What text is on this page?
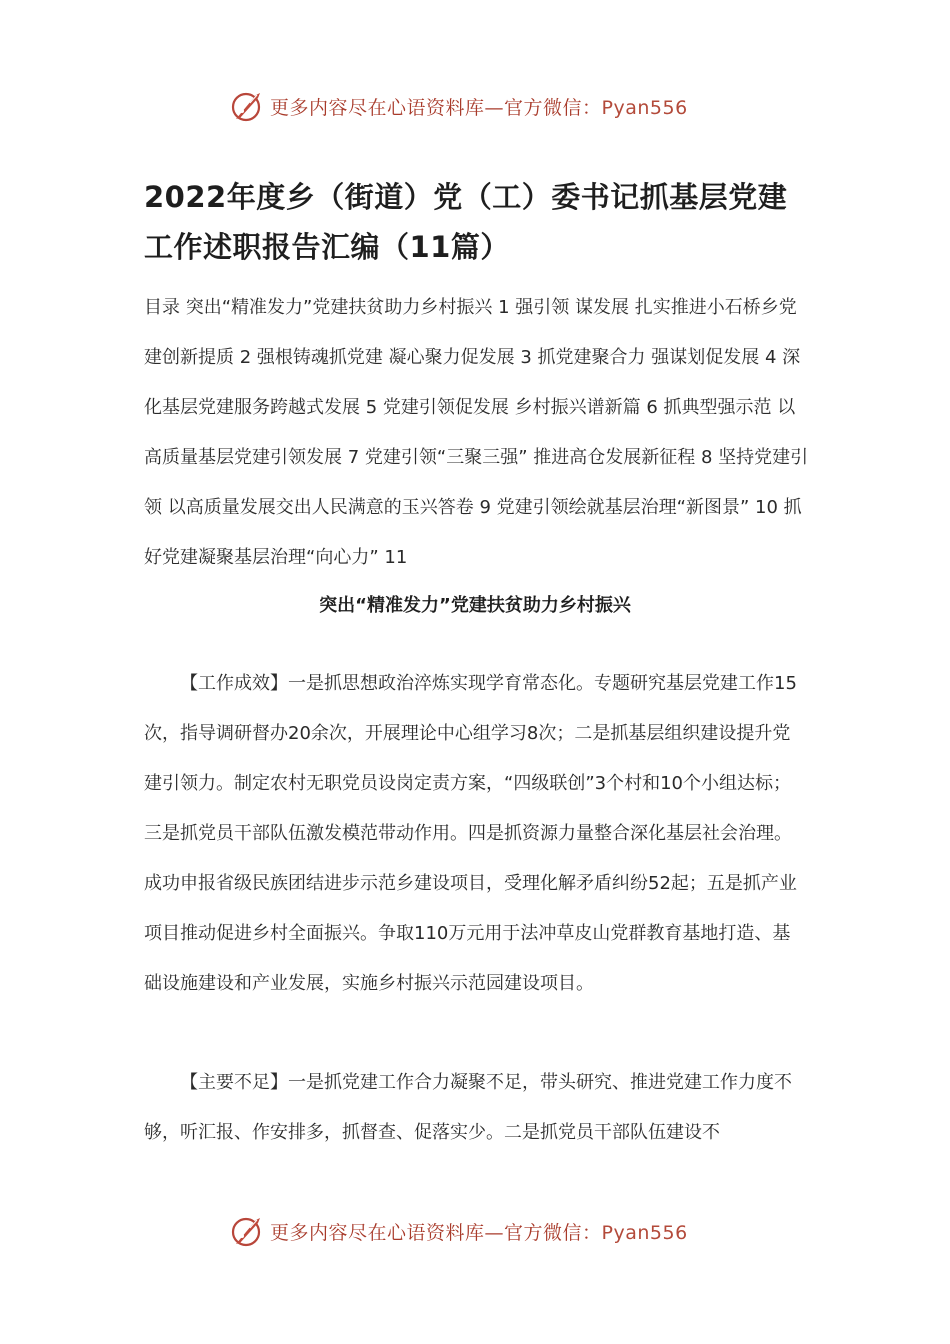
更多内容尽在心语资料库—官方微信：Pyan556
2022年度乡（街道）党（工）委书记抓基层党建工作述职报告汇编（11篇）
目录 突出“精准发力”党建扶贫助力乡村振兴 1 强引领 谋发展 扎实推进小石桥乡党建创新提质 2 强根铸魂抓党建 凝心聚力促发展 3 抓党建聚合力 强谋划促发展 4 深化基层党建服务跨越式发展 5 党建引领促发展 乡村振兴谱新篇 6 抓典型强示范 以高质量基层党建引领发展 7 党建引领“三聚三强” 推进高仓发展新征程 8 坚持党建引领 以高质量发展交出人民满意的玉兴答卷 9 党建引领绘就基层治理“新图景” 10 抓好党建凝聚基层治理“向心力” 11
突出“精准发力”党建扶贫助力乡村振兴
【工作成效】一是抓思想政治淬炼实现学育常态化。专题研究基层党建工作15次，指导调研督办20余次，开展理论中心组学习8次；二是抓基层组织建设提升党建引领力。制定农村无职党员设岗定责方案，“四级联创”3个村和10个小组达标；三是抓党员干部队伍激发模范带动作用。四是抓资源力量整合深化基层社会治理。成功申报省级民族团结进步示范乡建设项目，受理化解矛盾纠纷52起；五是抓产业项目推动促进乡村全面振兴。争取110万元用于法冲草皮山党群教育基地打造、基础设施建设和产业发展，实施乡村振兴示范园建设项目。
【主要不足】一是抓党建工作合力凝聚不足，带头研究、推进党建工作力度不够，听汇报、作安排多，抓督查、促落实少。二是抓党员干部队伍建设不
更多内容尽在心语资料库—官方微信：Pyan556
